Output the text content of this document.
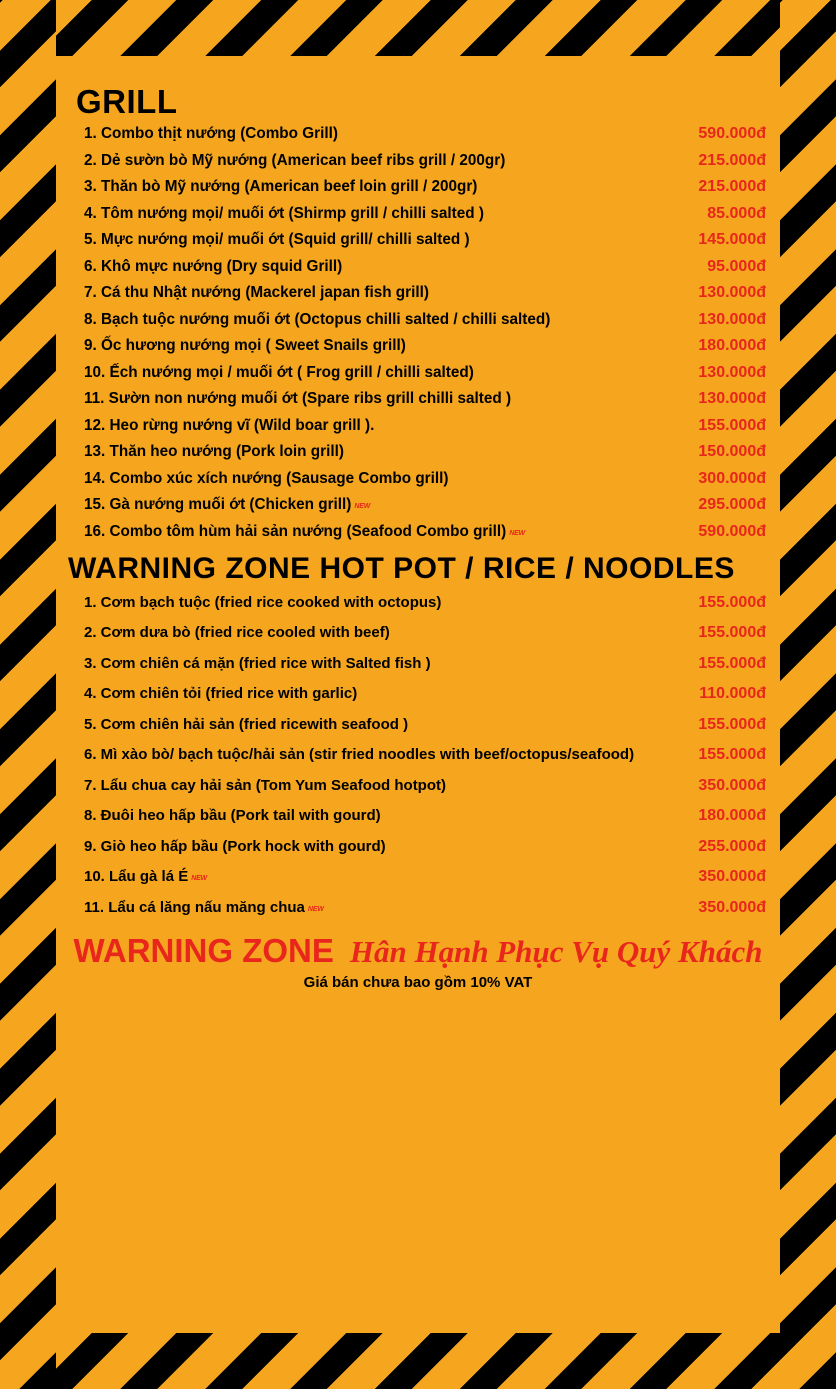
GRILL
1. Combo thịt nướng (Combo Grill)	590.000đ
2. Dẻ sườn bò Mỹ nướng (American beef ribs grill / 200gr)	215.000đ
3. Thăn bò Mỹ nướng (American beef loin grill / 200gr)	215.000đ
4. Tôm nướng mọi/ muối ớt (Shirmp grill / chilli salted )	85.000đ
5. Mực nướng mọi/ muối ớt (Squid grill/ chilli salted )	145.000đ
6. Khô mực nướng (Dry squid Grill)	95.000đ
7. Cá thu Nhật nướng (Mackerel japan fish grill)	130.000đ
8. Bạch tuộc nướng muối ớt (Octopus chilli salted / chilli salted)	130.000đ
9. Ốc hương nướng mọi ( Sweet Snails grill)	180.000đ
10. Ếch nướng mọi / muối ớt ( Frog grill / chilli salted)	130.000đ
11. Sườn non nướng muối ớt (Spare ribs grill chilli salted )	130.000đ
12. Heo rừng nướng vĩ (Wild boar grill ).	155.000đ
13. Thăn heo nướng (Pork loin grill)	150.000đ
14. Combo xúc xích nướng (Sausage Combo grill)	300.000đ
15. Gà nướng muối ớt (Chicken grill) NEW	295.000đ
16. Combo tôm hùm hải sản nướng (Seafood Combo grill) NEW	590.000đ
WARNING ZONE HOT POT / RICE / NOODLES
1. Cơm bạch tuộc (fried rice cooked with octopus)	155.000đ
2. Cơm dưa bò (fried rice cooled with beef)	155.000đ
3. Cơm chiên cá mặn (fried rice with Salted fish )	155.000đ
4. Cơm chiên tỏi (fried rice with garlic)	110.000đ
5. Cơm chiên hải sản (fried ricewith seafood )	155.000đ
6. Mì xào bò/ bạch tuộc/hải sản (stir fried noodles with beef/octopus/seafood)	155.000đ
7. Lẩu chua cay hải sản (Tom Yum Seafood hotpot)	350.000đ
8. Đuôi heo hấp bầu (Pork tail with gourd)	180.000đ
9. Giò heo hấp bầu (Pork hock with gourd)	255.000đ
10. Lẩu gà lá É NEW	350.000đ
11. Lẩu cá lăng nấu măng chua NEW	350.000đ
WARNING ZONE Hân Hạnh Phục Vụ Quý Khách
Giá bán chưa bao gồm 10% VAT
